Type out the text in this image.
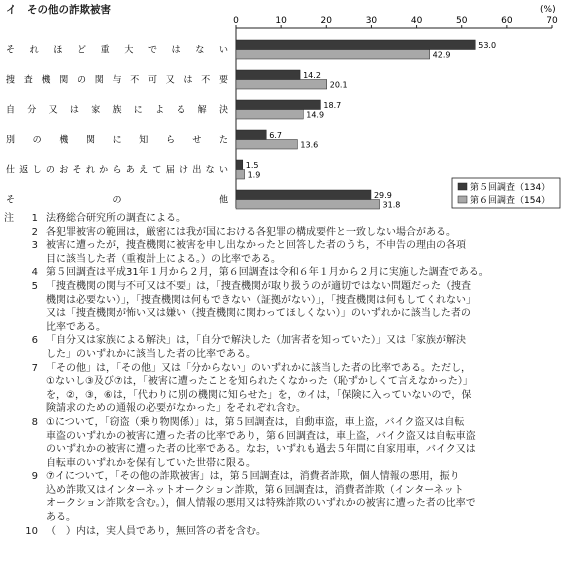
イ　その他の詐欺被害	(%)
0	10	20	30	40	50	60	70
それほど重大ではない
捜査機関の関与不可又は不要
自分又は家族による解決
別の機関に知らせた
仕返しのおそれからあえて届け出ない
その他
53.0
42.9
14.2
20.1
18.7
14.9
6.7
13.6
1.5
1.9
29.9
31.8
第５回調査（134）
第６回調査（154）
注	1 法務総合研究所の調査による。
2 各犯罪被害の範囲は，厳密には我が国における各犯罪の構成要件と一致しない場合がある。
3 被害に遭ったが，捜査機関に被害を申し出なかったと回答した者のうち，不申告の理由の各項
目に該当した者（重複計上による。）の比率である。
4 第５回調査は平成31年１月から２月，第６回調査は令和６年１月から２月に実施した調査である。
5 「捜査機関の関与不可又は不要」は，「捜査機関が取り扱うのが適切ではない問題だった（捜査
機関は必要ない）」，「捜査機関は何もできない（証拠がない）」，「捜査機関は何もしてくれない」
又は「捜査機関が怖い又は嫌い（捜査機関に関わってほしくない）」のいずれかに該当した者の
比率である。
6 「自分又は家族による解決」は，「自分で解決した（加害者を知っていた）」又は「家族が解決
した」のいずれかに該当した者の比率である。
7 「その他」は，「その他」又は「分からない」のいずれかに該当した者の比率である。ただし，
①ないし③及び⑦は，「被害に遭ったことを知られたくなかった（恥ずかしくて言えなかった）」
を，②，③，⑥は，「代わりに別の機関に知らせた」を，⑦イは，「保険に入っていないので，保
険請求のための通報の必要がなかった」をそれぞれ含む。
8 ①について，「窃盗（乗り物関係）」は，第５回調査は，自動車盗，車上盗，バイク盗又は自転
車盗のいずれかの被害に遭った者の比率であり，第６回調査は，車上盗，バイク盗又は自転車盗
のいずれかの被害に遭った者の比率である。なお，いずれも過去５年間に自家用車，バイク又は
自転車のいずれかを保有していた世帯に限る。
9 ⑦イについて，「その他の詐欺被害」は，第５回調査は，消費者詐欺，個人情報の悪用，振り
込め詐欺又はインターネットオークション詐欺，第６回調査は，消費者詐欺（インターネット
オークション詐欺を含む。），個人情報の悪用又は特殊詐欺のいずれかの被害に遭った者の比率で
ある。
10 （　）内は，実人員であり，無回答の者を含む。
